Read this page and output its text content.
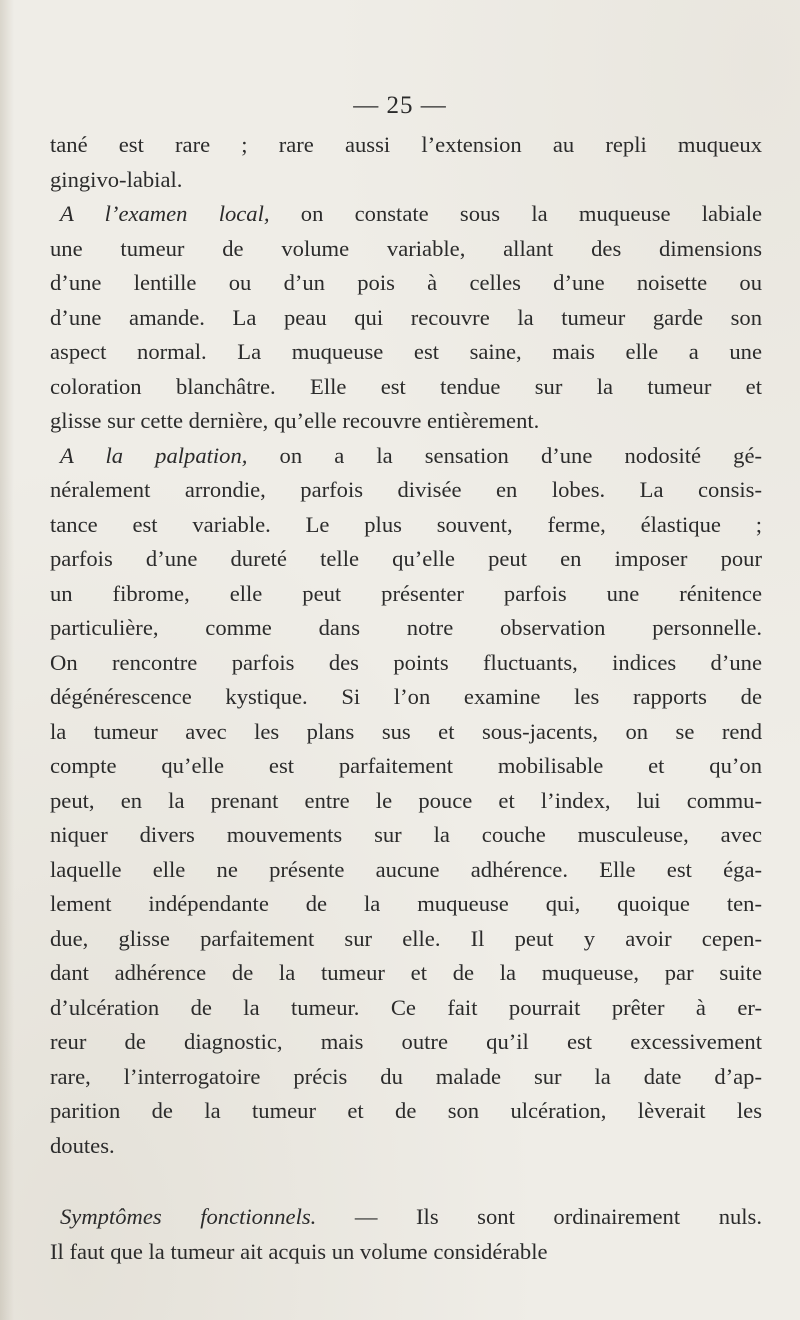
— 25 —

tané est rare ; rare aussi l’extension au repli muqueux

gingivo-labial.

A l’examen local, on constate sous la muqueuse labiale

une tumeur de volume variable, allant des dimensions

d’une lentille ou d’un pois à celles d’une noisette ou

d’une amande. La peau qui recouvre la tumeur garde son

aspect normal. La muqueuse est saine, mais elle a une

coloration blanchâtre. Elle est tendue sur la tumeur et

glisse sur cette dernière, qu’elle recouvre entièrement.

A la palpation, on a la sensation d’une nodosité gé-

néralement arrondie, parfois divisée en lobes. La consis-

tance est variable. Le plus souvent, ferme, élastique ;

parfois d’une dureté telle qu’elle peut en imposer pour

un fibrome, elle peut présenter parfois une rénitence

particulière, comme dans notre observation personnelle.

On rencontre parfois des points fluctuants, indices d’une

dégénérescence kystique. Si l’on examine les rapports de

la tumeur avec les plans sus et sous-jacents, on se rend

compte qu’elle est parfaitement mobilisable et qu’on

peut, en la prenant entre le pouce et l’index, lui commu-

niquer divers mouvements sur la couche musculeuse, avec

laquelle elle ne présente aucune adhérence. Elle est éga-

lement indépendante de la muqueuse qui, quoique ten-

due, glisse parfaitement sur elle. Il peut y avoir cepen-

dant adhérence de la tumeur et de la muqueuse, par suite

d’ulcération de la tumeur. Ce fait pourrait prêter à er-

reur de diagnostic, mais outre qu’il est excessivement

rare, l’interrogatoire précis du malade sur la date d’ap-

parition de la tumeur et de son ulcération, lèverait les

doutes.

Symptômes fonctionnels. — Ils sont ordinairement nuls.

Il faut que la tumeur ait acquis un volume considérable
